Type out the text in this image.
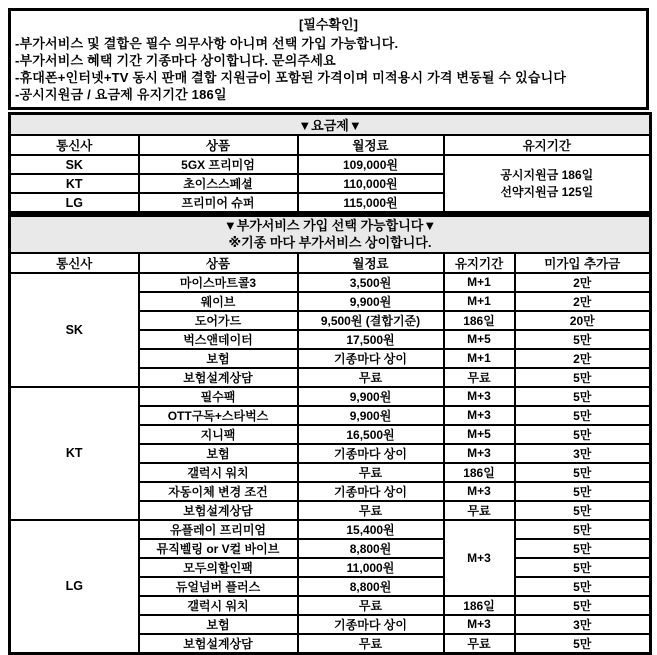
[필수확인]
-부가서비스 및 결합은 필수 의무사항 아니며 선택 가입 가능합니다.
-부가서비스 혜택 기간 기종마다 상이합니다. 문의주세요
-휴대폰+인터넷+TV 동시 판매 결합 지원금이 포함된 가격이며 미적용시 가격 변동될 수 있습니다
-공시지원금 / 요금제 유지기간 186일
▼요금제▼			
통신사	상품	월정료	유지기간
SK	5GX 프리미엄	109,000원	공시지원금 186일
선약지원금 125일

KT	초이스스페셜	110,000원	
LG	프리미어 슈퍼	115,000원	
▼부가서비스 가입 선택 가능합니다▼
※기종 마다 부가서비스 상이합니다.				

통신사	상품	월정료	유지기간	미가입 추가금
SK	마이스마트콜3	3,500원	M+1	2만
	웨이브	9,900원	M+1	2만
	도어가드	9,500원 (결합기준)	186일	20만
	벅스앤데이터	17,500원	M+5	5만
	보험	기종마다 상이	M+1	2만
	보험설계상담	무료	무료	5만
KT	필수팩	9,900원	M+3	5만
	OTT구독+스타벅스	9,900원	M+3	5만
	지니팩	16,500원	M+5	5만
	보험	기종마다 상이	M+3	3만
	갤럭시 워치	무료	186일	5만
	자동이체 변경 조건	기종마다 상이	M+3	5만
	보험설계상담	무료	무료	5만
LG	유플레이 프리미엄	15,400원	M+3	5만
	뮤직벨링 or V컬 바이브	8,800원		5만
	모두의할인팩	11,000원		5만
	듀얼넘버 플러스	8,800원		5만
	갤럭시 워치	무료	186일	5만
	보험	기종마다 상이	M+3	3만
	보험설계상담	무료	무료	5만
